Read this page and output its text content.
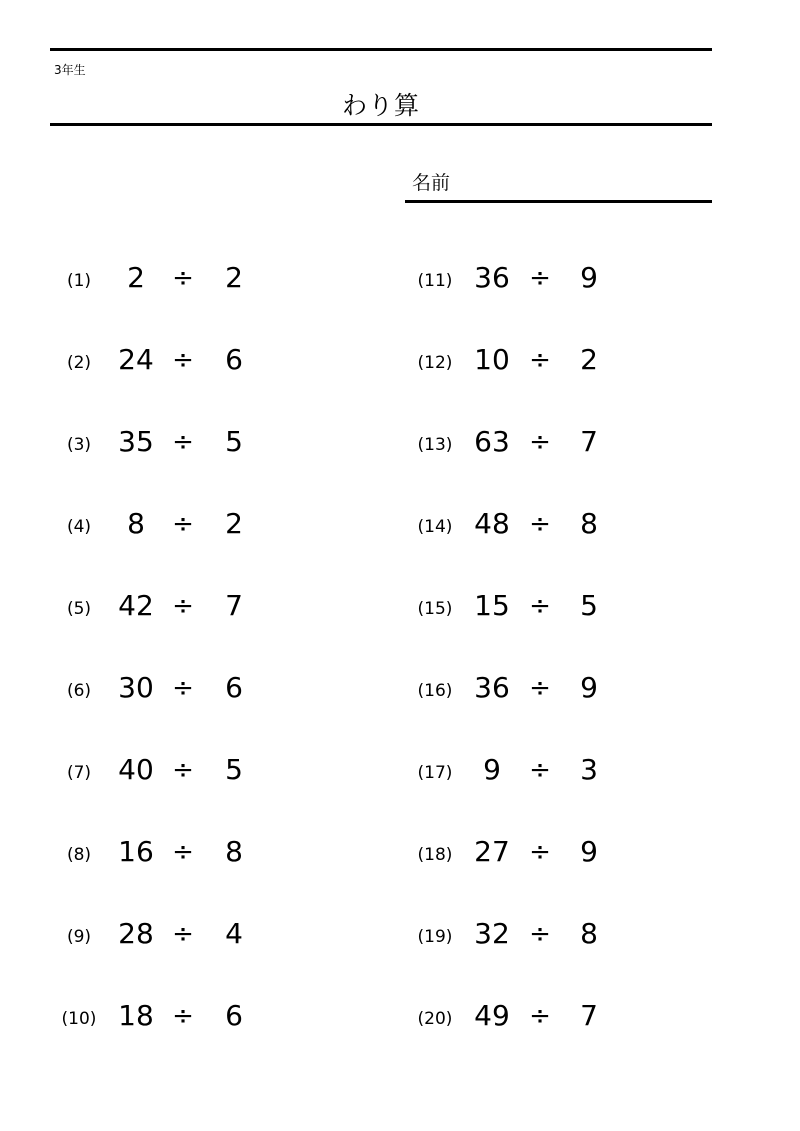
3年生
わり算
名前
(1)	2	÷	2
(2) 24 ÷	6
(3) 35 ÷	5
(4)	8	÷	2
(5) 42 ÷	7
(6) 30 ÷	6
(7) 40 ÷	5
(8) 16 ÷	8
(9) 28 ÷	4
(10) 18 ÷	6
(11) 36 ÷	9
(12) 10 ÷	2
(13) 63 ÷	7
(14) 48 ÷	8
(15) 15 ÷	5
(16) 36 ÷	9
(17)	9	÷	3
(18) 27 ÷	9
(19) 32 ÷	8
(20) 49 ÷	7
